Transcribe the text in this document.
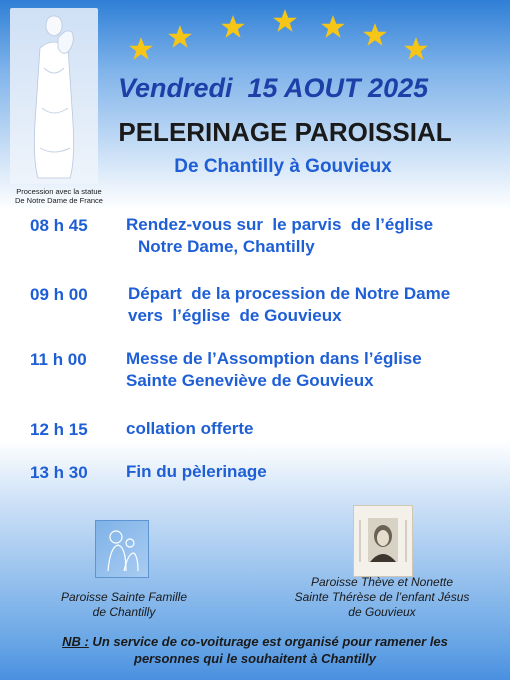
Procession avec la statue
De Notre Dame de France
Vendredi  15 AOUT 2025
PELERINAGE PAROISSIAL
De Chantilly à Gouvieux
08 h 45 Rendez-vous sur  le parvis  de l’église
Notre Dame, Chantilly
09 h 00 Départ  de la procession de Notre Dame
vers  l’église  de Gouvieux
11 h 00 Messe de l’Assomption dans l’église
Sainte Geneviève de Gouvieux
12 h 15 collation offerte
13 h 30 Fin du pèlerinage
Paroisse Sainte Famille
de Chantilly
Paroisse Thève et Nonette
Sainte Thérèse de l’enfant Jésus
de Gouvieux
NB : Un service de co-voiturage est organisé pour ramener les
personnes qui le souhaitent à Chantilly
